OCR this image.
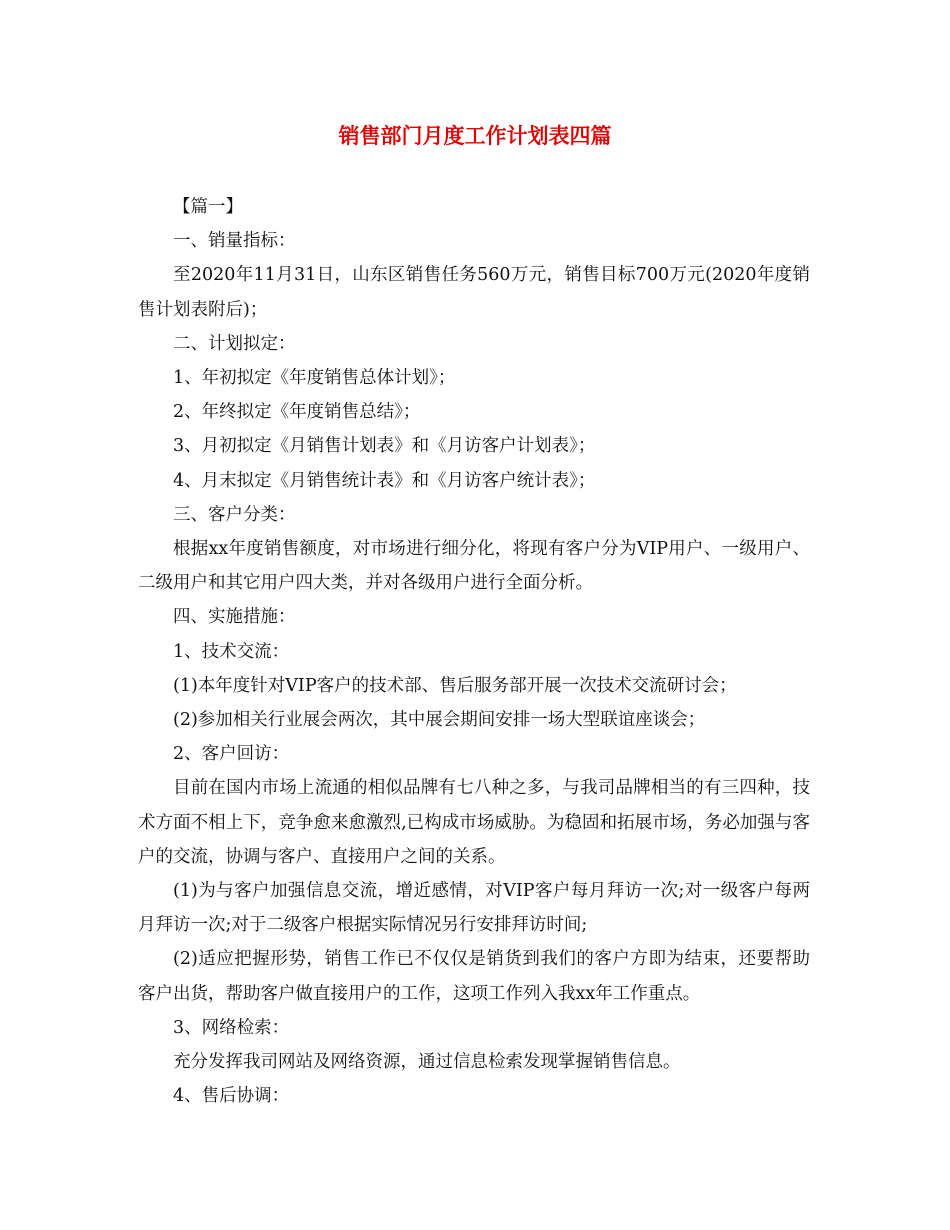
销售部门月度工作计划表四篇

【篇一】

一、销量指标：

至2020年11月31日，山东区销售任务560万元，销售目标700万元(2020年度销售计划表附后)；

二、计划拟定：

1、年初拟定《年度销售总体计划》；

2、年终拟定《年度销售总结》；

3、月初拟定《月销售计划表》和《月访客户计划表》；

4、月末拟定《月销售统计表》和《月访客户统计表》；

三、客户分类：

根据xx年度销售额度，对市场进行细分化，将现有客户分为VIP用户、一级用户、二级用户和其它用户四大类，并对各级用户进行全面分析。

四、实施措施：

1、技术交流：

(1)本年度针对VIP客户的技术部、售后服务部开展一次技术交流研讨会；

(2)参加相关行业展会两次，其中展会期间安排一场大型联谊座谈会；

2、客户回访：

目前在国内市场上流通的相似品牌有七八种之多，与我司品牌相当的有三四种，技术方面不相上下，竞争愈来愈激烈,已构成市场威胁。为稳固和拓展市场，务必加强与客户的交流，协调与客户、直接用户之间的关系。

(1)为与客户加强信息交流，增近感情，对VIP客户每月拜访一次;对一级客户每两月拜访一次;对于二级客户根据实际情况另行安排拜访时间;

(2)适应把握形势，销售工作已不仅仅是销货到我们的客户方即为结束，还要帮助客户出货，帮助客户做直接用户的工作，这项工作列入我xx年工作重点。

3、网络检索：

充分发挥我司网站及网络资源，通过信息检索发现掌握销售信息。

4、售后协调：
